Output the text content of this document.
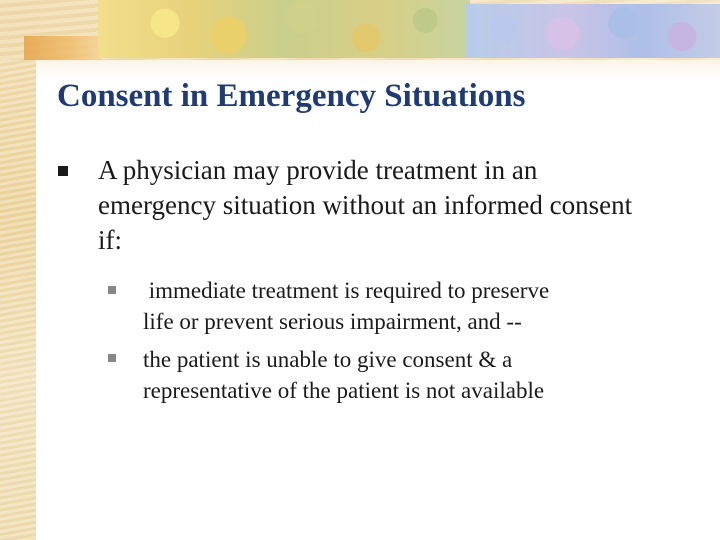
Consent in Emergency Situations

A physician may provide treatment in an emergency situation without an informed consent if:

immediate treatment is required to preserve
life or prevent serious impairment, and --

the patient is unable to give consent & a
representative of the patient is not available
